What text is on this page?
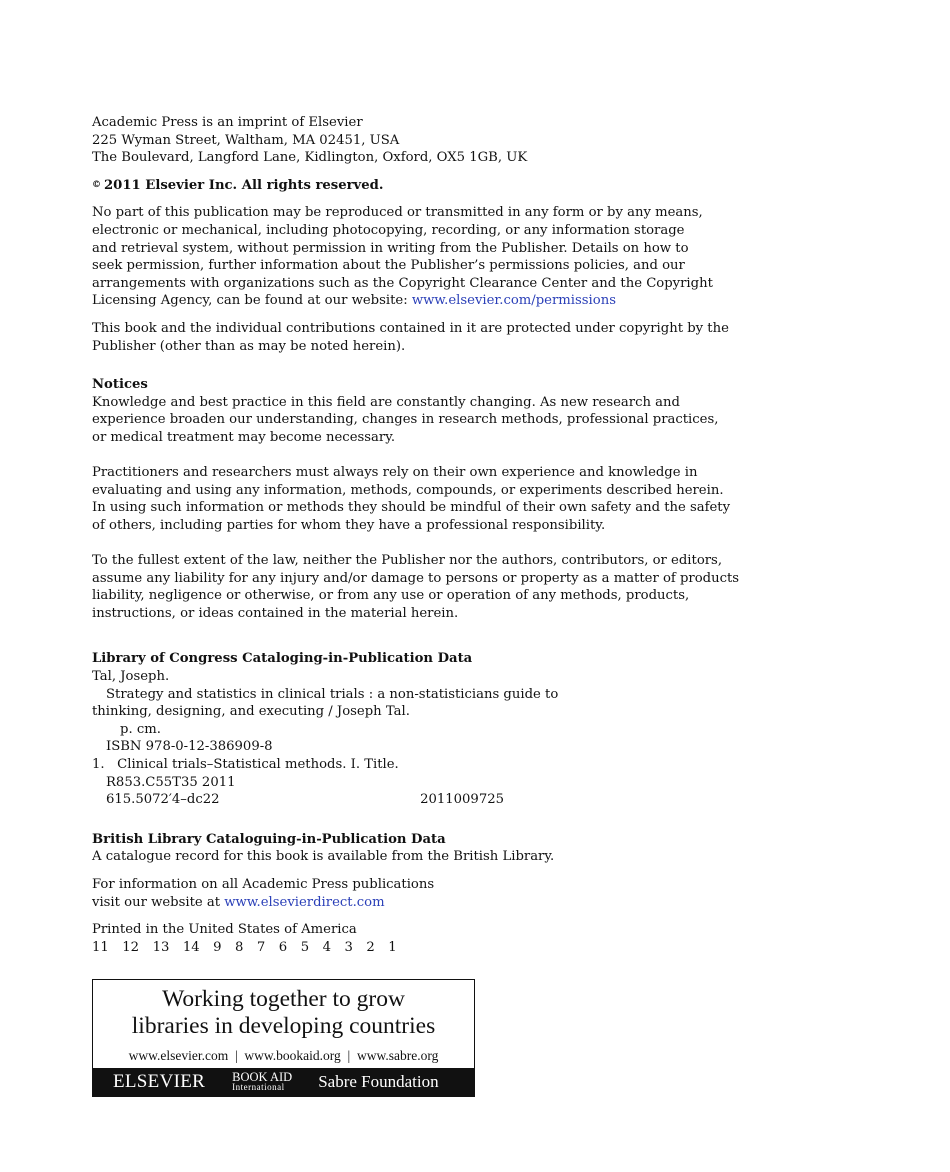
Academic Press is an imprint of Elsevier
225 Wyman Street, Waltham, MA 02451, USA
The Boulevard, Langford Lane, Kidlington, Oxford, OX5 1GB, UK
© 2011 Elsevier Inc. All rights reserved.
No part of this publication may be reproduced or transmitted in any form or by any means,
electronic or mechanical, including photocopying, recording, or any information storage
and retrieval system, without permission in writing from the Publisher. Details on how to
seek permission, further information about the Publisher’s permissions policies, and our
arrangements with organizations such as the Copyright Clearance Center and the Copyright
Licensing Agency, can be found at our website: www.elsevier.com/permissions
This book and the individual contributions contained in it are protected under copyright by the
Publisher (other than as may be noted herein).
Notices
Knowledge and best practice in this field are constantly changing. As new research and
experience broaden our understanding, changes in research methods, professional practices,
or medical treatment may become necessary.
Practitioners and researchers must always rely on their own experience and knowledge in
evaluating and using any information, methods, compounds, or experiments described herein.
In using such information or methods they should be mindful of their own safety and the safety
of others, including parties for whom they have a professional responsibility.
To the fullest extent of the law, neither the Publisher nor the authors, contributors, or editors,
assume any liability for any injury and/or damage to persons or property as a matter of products
liability, negligence or otherwise, or from any use or operation of any methods, products,
instructions, or ideas contained in the material herein.
Library of Congress Cataloging-in-Publication Data
Tal, Joseph.
Strategy and statistics in clinical trials : a non-statisticians guide to
thinking, designing, and executing / Joseph Tal.
p. cm.
ISBN 978-0-12-386909-8
1.   Clinical trials–Statistical methods. I. Title.
R853.C55T35 2011
615.5072′4–dc22	2011009725
British Library Cataloguing-in-Publication Data
A catalogue record for this book is available from the British Library.
For information on all Academic Press publications
visit our website at www.elsevierdirect.com
Printed in the United States of America
11 12 13 14 9 8 7 6 5 4 3 2 1
Working together to grow
libraries in developing countries
www.elsevier.com  |  www.bookaid.org  |  www.sabre.org
ELSEVIER BOOK AID
International	Sabre Foundation
